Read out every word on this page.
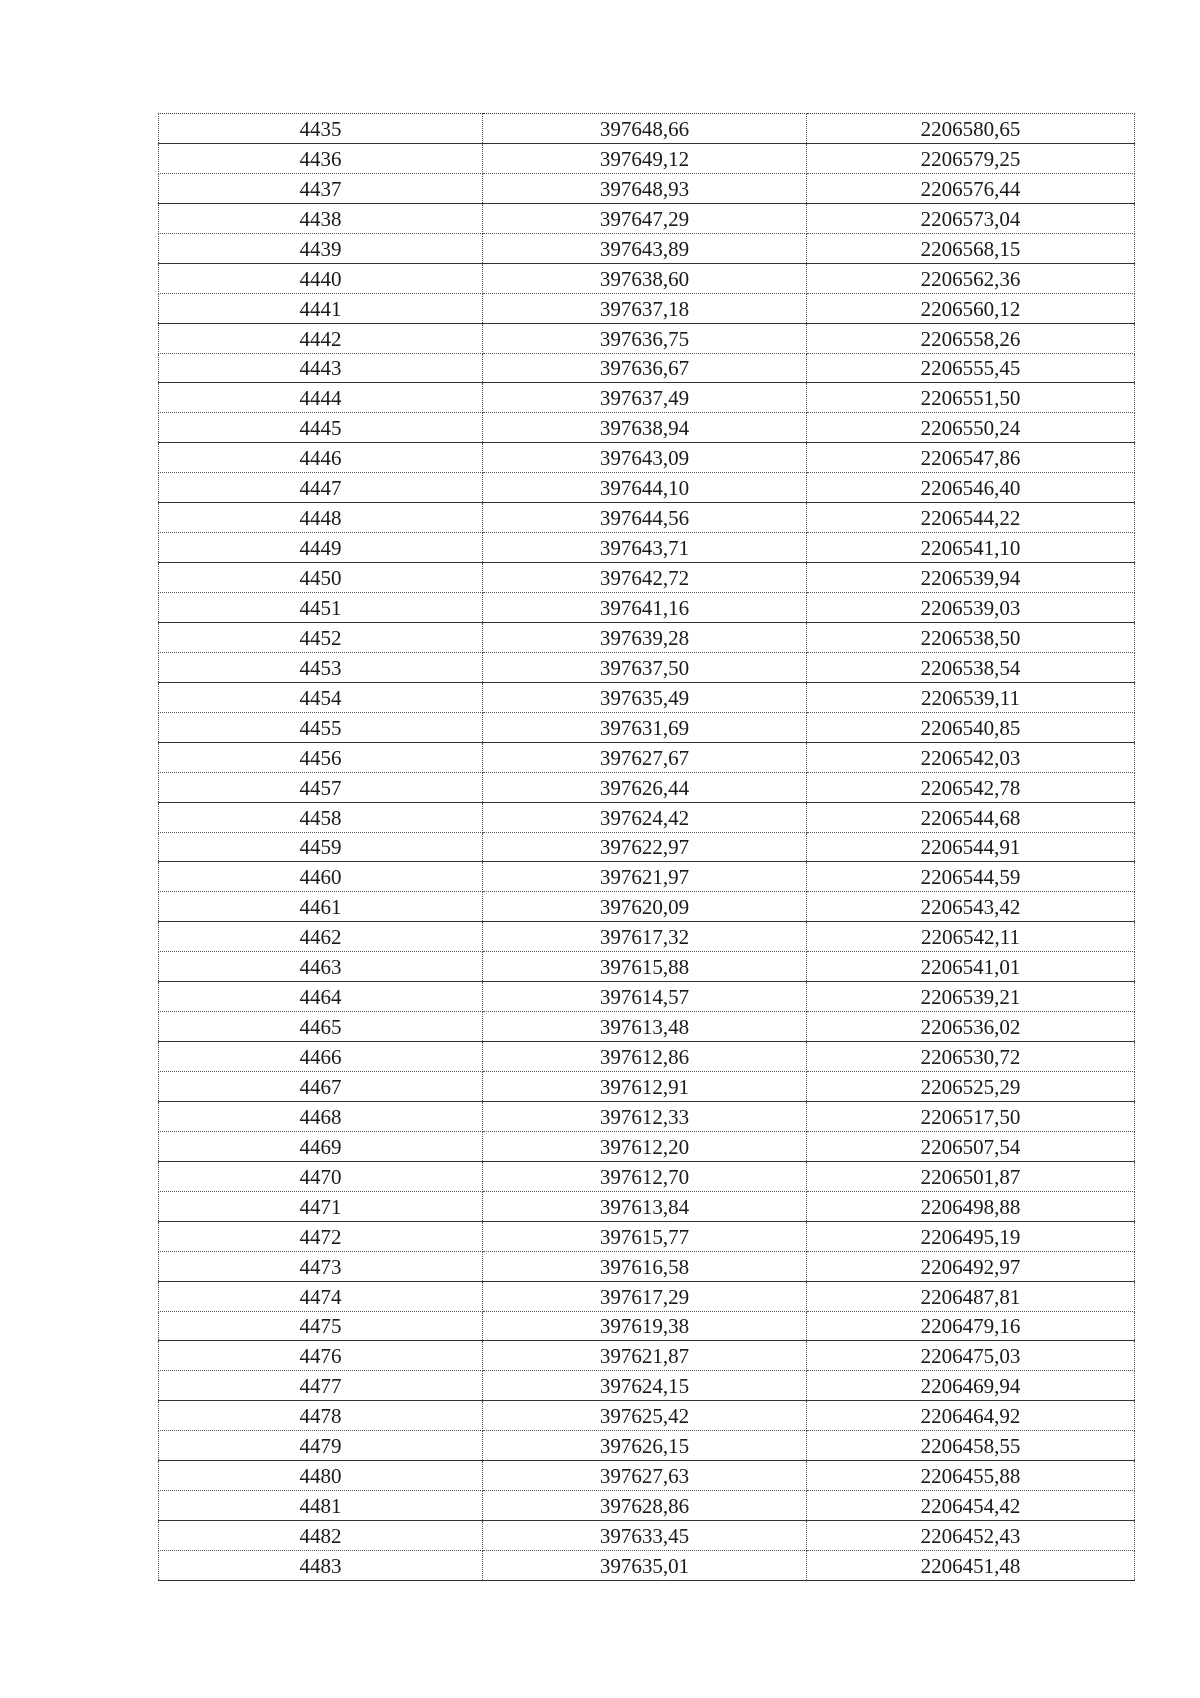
4435	397648,66	2206580,65
4436	397649,12	2206579,25
4437	397648,93	2206576,44
4438	397647,29	2206573,04
4439	397643,89	2206568,15
4440	397638,60	2206562,36
4441	397637,18	2206560,12
4442	397636,75	2206558,26
4443	397636,67	2206555,45
4444	397637,49	2206551,50
4445	397638,94	2206550,24
4446	397643,09	2206547,86
4447	397644,10	2206546,40
4448	397644,56	2206544,22
4449	397643,71	2206541,10
4450	397642,72	2206539,94
4451	397641,16	2206539,03
4452	397639,28	2206538,50
4453	397637,50	2206538,54
4454	397635,49	2206539,11
4455	397631,69	2206540,85
4456	397627,67	2206542,03
4457	397626,44	2206542,78
4458	397624,42	2206544,68
4459	397622,97	2206544,91
4460	397621,97	2206544,59
4461	397620,09	2206543,42
4462	397617,32	2206542,11
4463	397615,88	2206541,01
4464	397614,57	2206539,21
4465	397613,48	2206536,02
4466	397612,86	2206530,72
4467	397612,91	2206525,29
4468	397612,33	2206517,50
4469	397612,20	2206507,54
4470	397612,70	2206501,87
4471	397613,84	2206498,88
4472	397615,77	2206495,19
4473	397616,58	2206492,97
4474	397617,29	2206487,81
4475	397619,38	2206479,16
4476	397621,87	2206475,03
4477	397624,15	2206469,94
4478	397625,42	2206464,92
4479	397626,15	2206458,55
4480	397627,63	2206455,88
4481	397628,86	2206454,42
4482	397633,45	2206452,43
4483	397635,01	2206451,48
